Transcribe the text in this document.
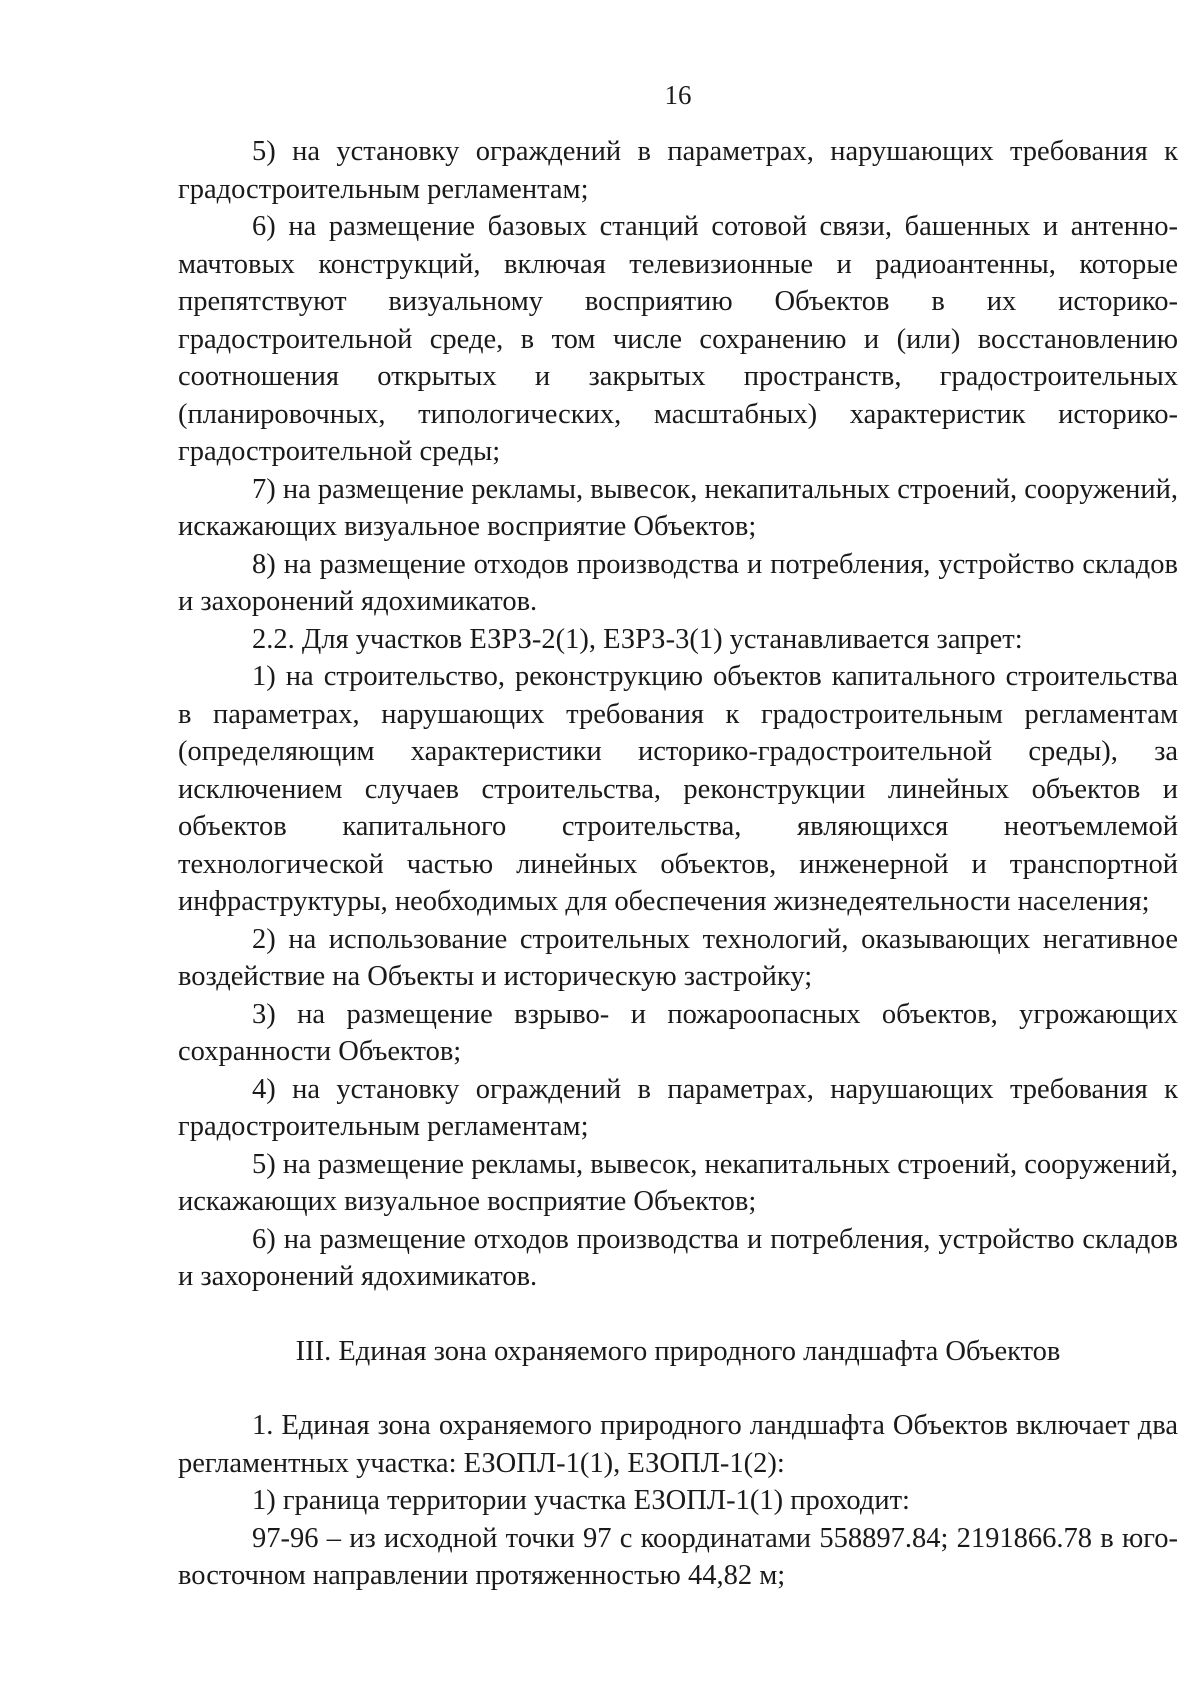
16

5) на установку ограждений в параметрах, нарушающих требования к градостроительным регламентам;

6) на размещение базовых станций сотовой связи, башенных и антенно-мачтовых конструкций, включая телевизионные и радиоантенны, которые препятствуют визуальному восприятию Объектов в их историко-градостроительной среде, в том числе сохранению и (или) восстановлению соотношения открытых и закрытых пространств, градостроительных (планировочных, типологических, масштабных) характеристик историко-градостроительной среды;

7) на размещение рекламы, вывесок, некапитальных строений, сооружений, искажающих визуальное восприятие Объектов;

8) на размещение отходов производства и потребления, устройство складов и захоронений ядохимикатов.

2.2. Для участков ЕЗРЗ-2(1), ЕЗРЗ-3(1) устанавливается запрет:

1) на строительство, реконструкцию объектов капитального строительства в параметрах, нарушающих требования к градостроительным регламентам (определяющим характеристики историко-градостроительной среды), за исключением случаев строительства, реконструкции линейных объектов и объектов капитального строительства, являющихся неотъемлемой технологической частью линейных объектов, инженерной и транспортной инфраструктуры, необходимых для обеспечения жизнедеятельности населения;

2) на использование строительных технологий, оказывающих негативное воздействие на Объекты и историческую застройку;

3) на размещение взрыво- и пожароопасных объектов, угрожающих сохранности Объектов;

4) на установку ограждений в параметрах, нарушающих требования к градостроительным регламентам;

5) на размещение рекламы, вывесок, некапитальных строений, сооружений, искажающих визуальное восприятие Объектов;

6) на размещение отходов производства и потребления, устройство складов и захоронений ядохимикатов.

III. Единая зона охраняемого природного ландшафта Объектов

1. Единая зона охраняемого природного ландшафта Объектов включает два регламентных участка: ЕЗОПЛ-1(1), ЕЗОПЛ-1(2):

1) граница территории участка ЕЗОПЛ-1(1) проходит:

97-96 – из исходной точки 97 с координатами 558897.84; 2191866.78 в юго-восточном направлении протяженностью 44,82 м;
